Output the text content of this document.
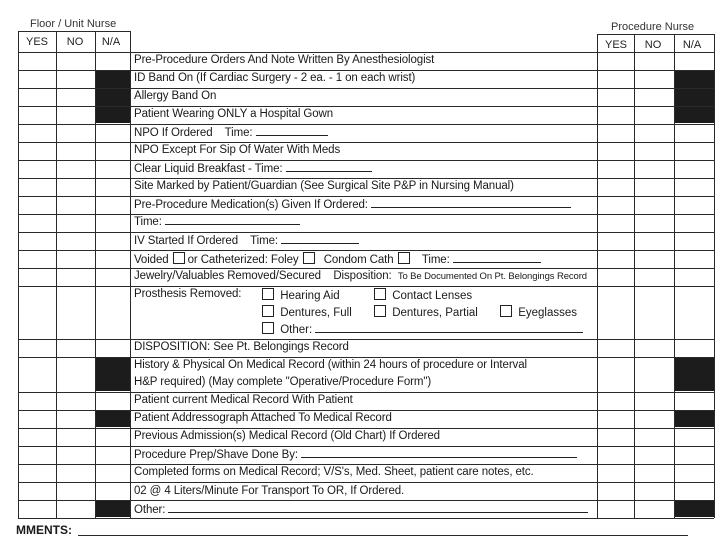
Floor / Unit Nurse	Procedure Nurse
YES	NO	N/A	YES	NO	N/A
Pre-Procedure Orders And Note Written By Anesthesiologist
ID Band On (If Cardiac Surgery - 2 ea. - 1 on each wrist)
Allergy Band On
Patient Wearing ONLY a Hospital Gown
NPO If Ordered    Time:
NPO Except For Sip Of Water With Meds
Clear Liquid Breakfast - Time:
Site Marked by Patient/Guardian (See Surgical Site P&P in Nursing Manual)
Pre-Procedure Medication(s) Given If Ordered:
Time:
IV Started If Ordered    Time:
Voided or Catheterized: Foley Condom Cath Time:
Jewelry/Valuables Removed/Secured    Disposition: To Be Documented On Pt. Belongings Record
Prosthesis Removed:	Hearing Aid	Contact Lenses
Dentures, Full	Dentures, Partial	Eyeglasses
Other:
DISPOSITION: See Pt. Belongings Record
History & Physical On Medical Record (within 24 hours of procedure or Interval
H&P required) (May complete "Operative/Procedure Form")
Patient current Medical Record With Patient
Patient Addressograph Attached To Medical Record
Previous Admission(s) Medical Record (Old Chart) If Ordered
Procedure Prep/Shave Done By:
Completed forms on Medical Record; V/S's, Med. Sheet, patient care notes, etc.
02 @ 4 Liters/Minute For Transport To OR, If Ordered.
Other:
MMENTS:
